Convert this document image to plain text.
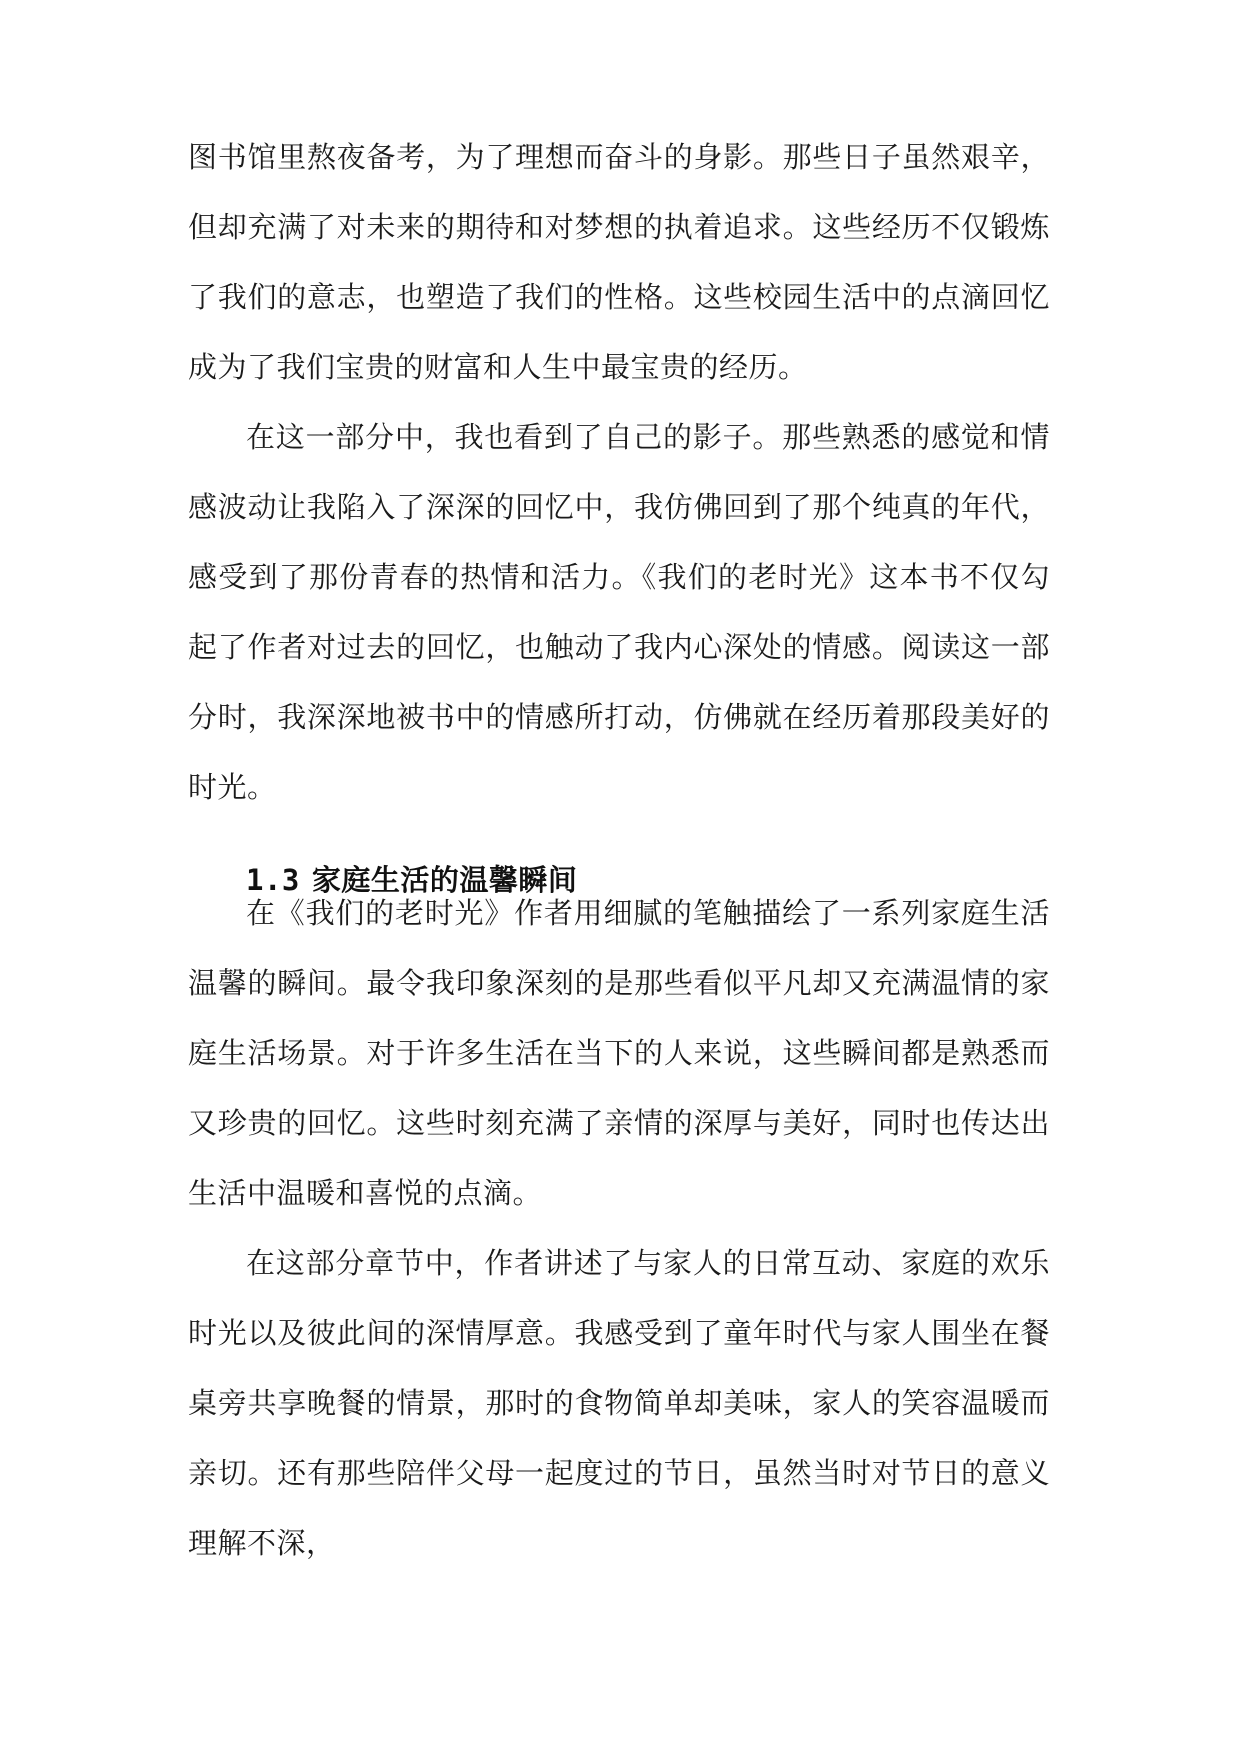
图书馆里熬夜备考，为了理想而奋斗的身影。那些日子虽然艰辛，但却充满了对未来的期待和对梦想的执着追求。这些经历不仅锻炼了我们的意志，也塑造了我们的性格。这些校园生活中的点滴回忆成为了我们宝贵的财富和人生中最宝贵的经历。

在这一部分中，我也看到了自己的影子。那些熟悉的感觉和情感波动让我陷入了深深的回忆中，我仿佛回到了那个纯真的年代，感受到了那份青春的热情和活力。《我们的老时光》这本书不仅勾起了作者对过去的回忆，也触动了我内心深处的情感。阅读这一部分时，我深深地被书中的情感所打动，仿佛就在经历着那段美好的时光。

1.3 家庭生活的温馨瞬间

在《我们的老时光》作者用细腻的笔触描绘了一系列家庭生活温馨的瞬间。最令我印象深刻的是那些看似平凡却又充满温情的家庭生活场景。对于许多生活在当下的人来说，这些瞬间都是熟悉而又珍贵的回忆。这些时刻充满了亲情的深厚与美好，同时也传达出生活中温暖和喜悦的点滴。

在这部分章节中，作者讲述了与家人的日常互动、家庭的欢乐时光以及彼此间的深情厚意。我感受到了童年时代与家人围坐在餐桌旁共享晚餐的情景，那时的食物简单却美味，家人的笑容温暖而亲切。还有那些陪伴父母一起度过的节日，虽然当时对节日的意义理解不深，
